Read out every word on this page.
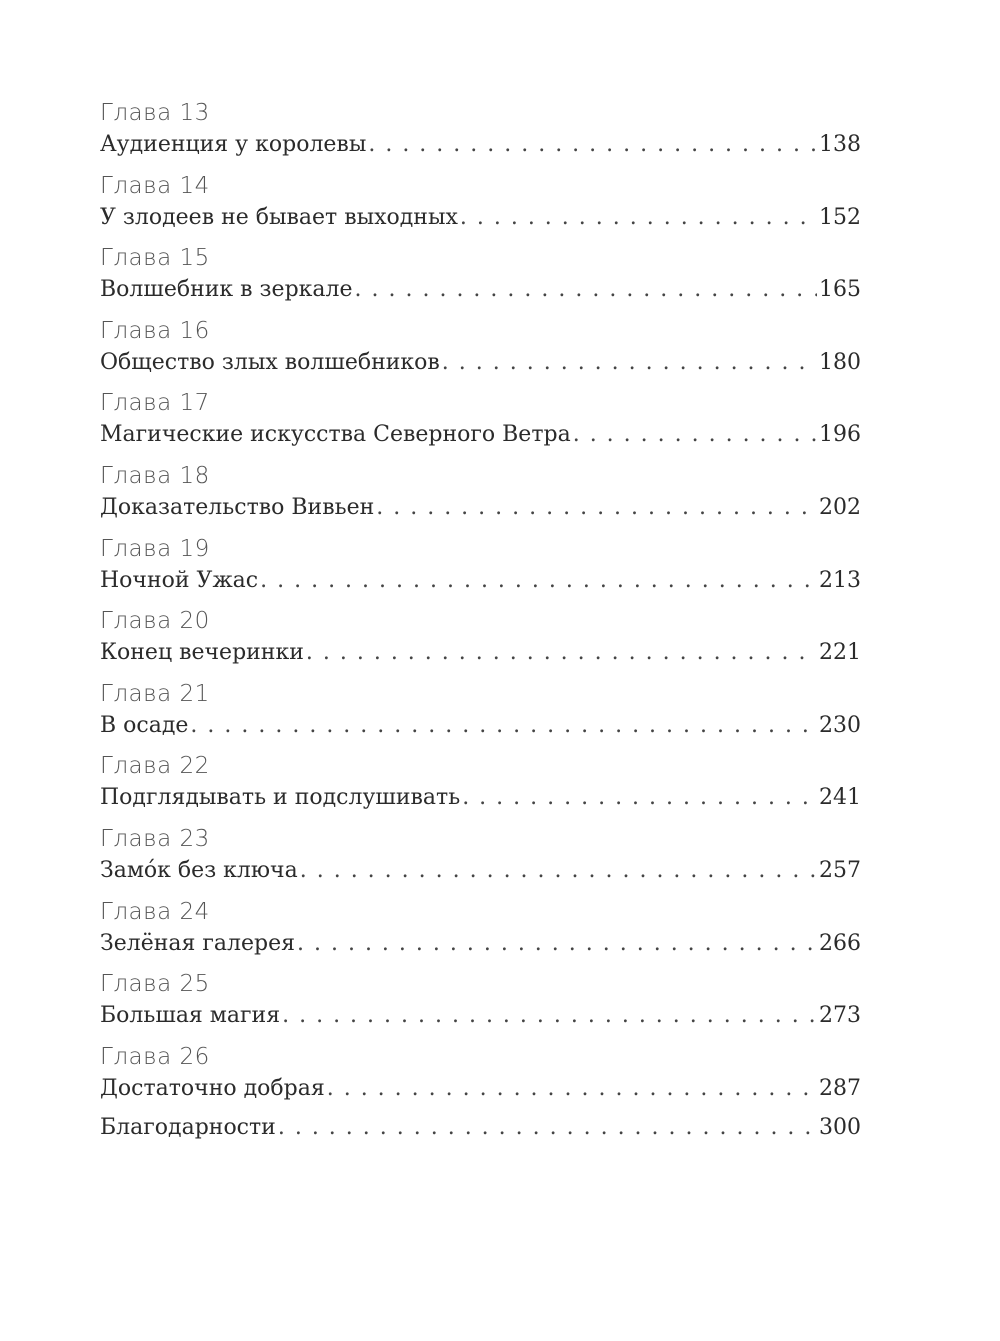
Глава 13
Аудиенция у королевы . . .	138
Глава 14
У злодеев не бывает выходных . . .	152
Глава 15
Волшебник в зеркале . . .	165
Глава 16
Общество злых волшебников . . .	180
Глава 17
Магические искусства Северного Ветра . . .	196
Глава 18
Доказательство Вивьен . . .	202
Глава 19
Ночной Ужас . . .	213
Глава 20
Конец вечеринки . . .	221
Глава 21
В осаде . . .	230
Глава 22
Подглядывать и подслушивать . . .	241
Глава 23
Замо́к без ключа . . .	257
Глава 24
Зелёная галерея . . .	266
Глава 25
Большая магия . . .	273
Глава 26
Достаточно добрая . . .	287
Благодарности . . .	300
